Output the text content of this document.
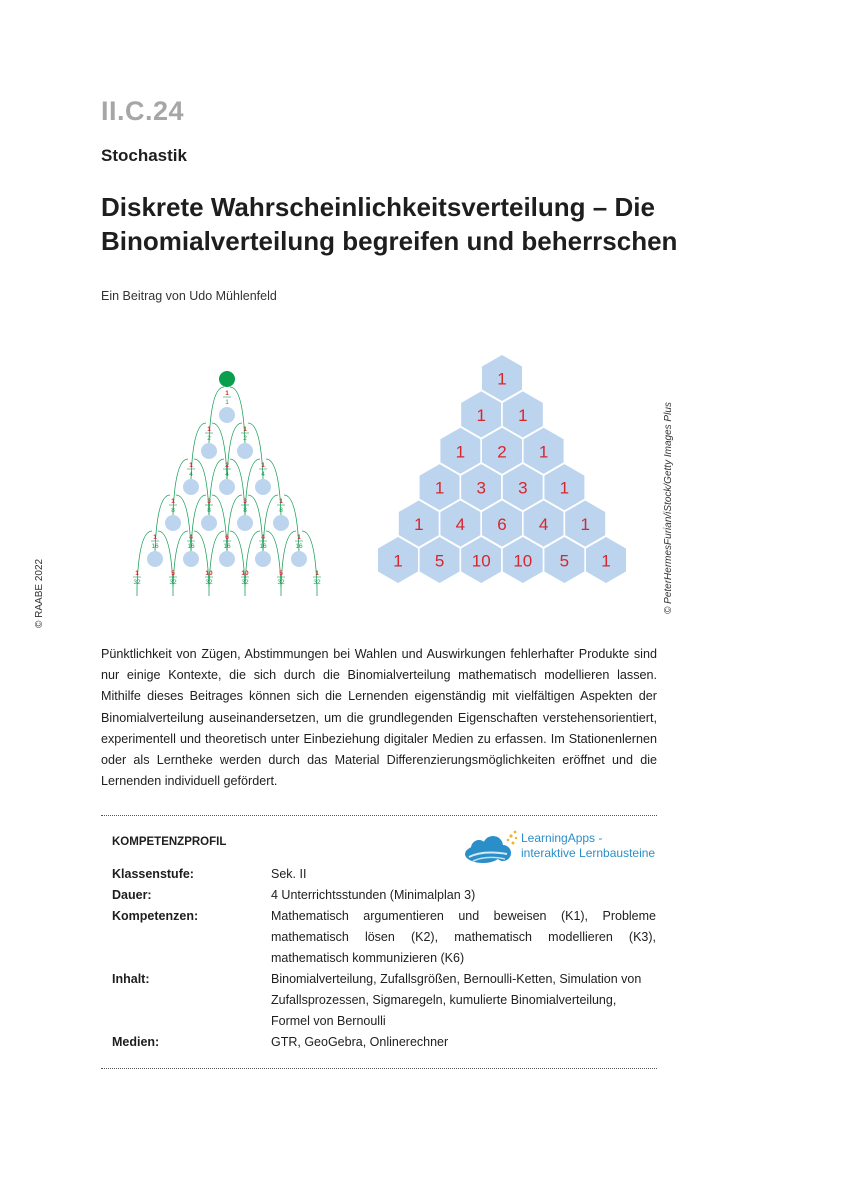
II.C.24
Stochastik
Diskrete Wahrscheinlichkeitsverteilung – Die
Binomialverteilung begreifen und beherrschen
Ein Beitrag von Udo Mühlenfeld
© RAABE 2022	© PeterHermesFurian/iStock/Getty Images Plus
1
1
1
2
1
2
1
4
2
4
1
4
1
8
3
8
3
8
1
8
1
16
4
16
6
16
4
16
1
16
1
32
5
32
10
32
10
32
5
32
1
32
1
1 1
1 2 1
1 3 3 1
1 4 6 4 1
1 5 10 10 5 1
Pünktlichkeit von Zügen, Abstimmungen bei Wahlen und Auswirkungen fehlerhafter Produkte sind nur einige Kontexte, die sich durch die Binomialverteilung mathematisch modellieren lassen. Mithilfe dieses Beitrages können sich die Lernenden eigenständig mit vielfältigen Aspekten der Binomialverteilung auseinandersetzen, um die grundlegenden Eigenschaften verstehensorientiert, experimentell und theoretisch unter Einbeziehung digitaler Medien zu erfassen. Im Stationenlernen oder als Lerntheke werden durch das Material Differenzierungsmöglichkeiten eröffnet und die Lernenden individuell gefördert.
KOMPETENZPROFIL	LearningApps -
interaktive Lernbausteine
Klassenstufe:	Sek. II
Dauer:	4 Unterrichtsstunden (Minimalplan 3)
Kompetenzen:	Mathematisch argumentieren und beweisen (K1), Probleme mathematisch lösen (K2), mathematisch modellieren (K3), mathematisch kommunizieren (K6)
Inhalt:	Binomialverteilung, Zufallsgrößen, Bernoulli-Ketten, Simulation von Zufallsprozessen, Sigmaregeln, kumulierte Binomialverteilung, Formel von Bernoulli
Medien:	GTR, GeoGebra, Onlinerechner
